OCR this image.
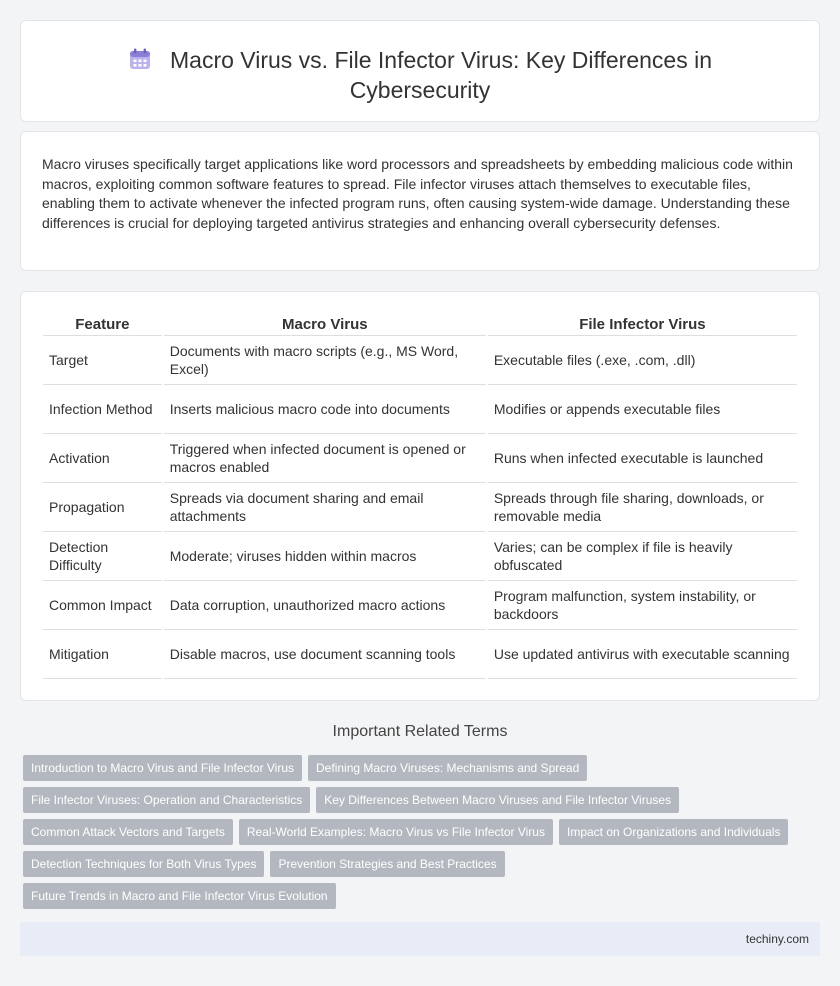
Macro Virus vs. File Infector Virus: Key Differences in
Cybersecurity

Macro viruses specifically target applications like word processors and spreadsheets by embedding malicious code within macros, exploiting common software features to spread. File infector viruses attach themselves to executable files, enabling them to activate whenever the infected program runs, often causing system-wide damage. Understanding these differences is crucial for deploying targeted antivirus strategies and enhancing overall cybersecurity defenses.

Feature	Macro Virus	File Infector Virus
Target	Documents with macro scripts (e.g., MS Word, Excel)	Executable files (.exe, .com, .dll)
Infection Method	Inserts malicious macro code into documents	Modifies or appends executable files
Activation	Triggered when infected document is opened or macros enabled	Runs when infected executable is launched
Propagation	Spreads via document sharing and email attachments	Spreads through file sharing, downloads, or removable media
Detection Difficulty	Moderate; viruses hidden within macros	Varies; can be complex if file is heavily obfuscated
Common Impact	Data corruption, unauthorized macro actions	Program malfunction, system instability, or backdoors
Mitigation	Disable macros, use document scanning tools	Use updated antivirus with executable scanning
Important Related Terms
Introduction to Macro Virus and File Infector Virus Defining Macro Viruses: Mechanisms and Spread
File Infector Viruses: Operation and Characteristics Key Differences Between Macro Viruses and File Infector Viruses
Common Attack Vectors and Targets Real-World Examples: Macro Virus vs File Infector Virus Impact on Organizations and Individuals
Detection Techniques for Both Virus Types Prevention Strategies and Best Practices
Future Trends in Macro and File Infector Virus Evolution
techiny.com
